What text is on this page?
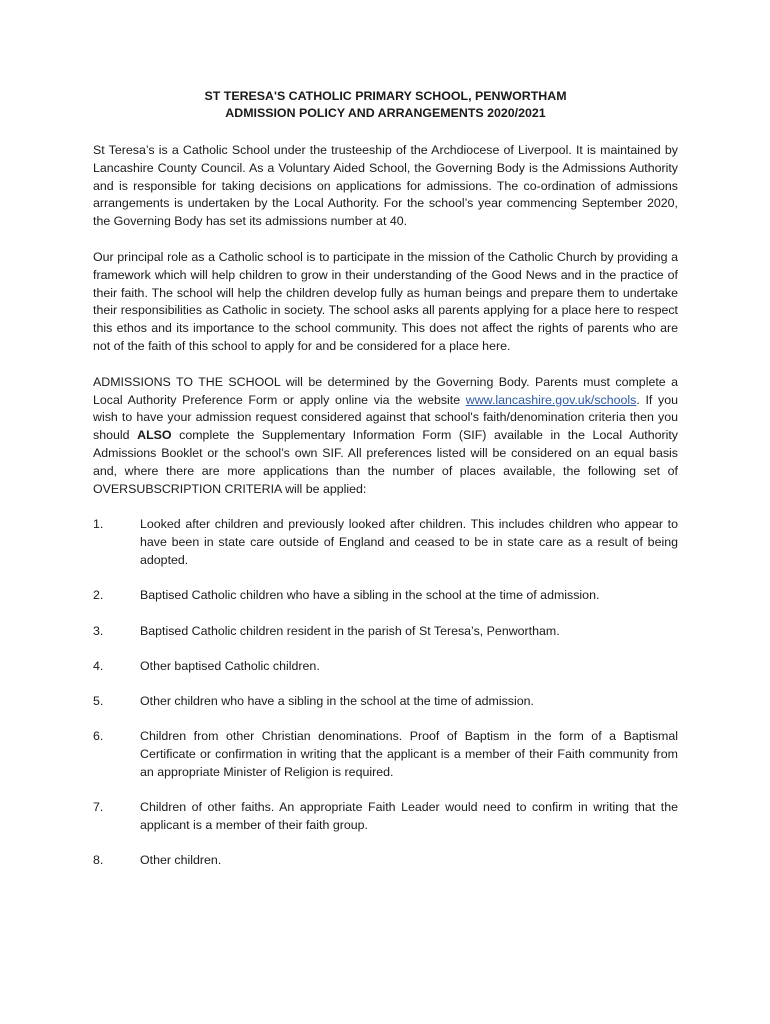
ST TERESA'S CATHOLIC PRIMARY SCHOOL, PENWORTHAM
ADMISSION POLICY AND ARRANGEMENTS 2020/2021

St Teresa’s is a Catholic School under the trusteeship of the Archdiocese of Liverpool. It is maintained by Lancashire County Council. As a Voluntary Aided School, the Governing Body is the Admissions Authority and is responsible for taking decisions on applications for admissions. The co-ordination of admissions arrangements is undertaken by the Local Authority. For the school’s year commencing September 2020, the Governing Body has set its admissions number at 40.

Our principal role as a Catholic school is to participate in the mission of the Catholic Church by providing a framework which will help children to grow in their understanding of the Good News and in the practice of their faith. The school will help the children develop fully as human beings and prepare them to undertake their responsibilities as Catholic in society. The school asks all parents applying for a place here to respect this ethos and its importance to the school community. This does not affect the rights of parents who are not of the faith of this school to apply for and be considered for a place here.

ADMISSIONS TO THE SCHOOL will be determined by the Governing Body. Parents must complete a Local Authority Preference Form or apply online via the website www.lancashire.gov.uk/schools. If you wish to have your admission request considered against that school's faith/denomination criteria then you should ALSO complete the Supplementary Information Form (SIF) available in the Local Authority Admissions Booklet or the school’s own SIF. All preferences listed will be considered on an equal basis and, where there are more applications than the number of places available, the following set of OVERSUBSCRIPTION CRITERIA will be applied:

1.	Looked after children and previously looked after children. This includes children who appear to have been in state care outside of England and ceased to be in state care as a result of being adopted.
2.	Baptised Catholic children who have a sibling in the school at the time of admission.
3.	Baptised Catholic children resident in the parish of St Teresa’s, Penwortham.
4.	Other baptised Catholic children.
5.	Other children who have a sibling in the school at the time of admission.
6.	Children from other Christian denominations. Proof of Baptism in the form of a Baptismal Certificate or confirmation in writing that the applicant is a member of their Faith community from an appropriate Minister of Religion is required.
7.	Children of other faiths. An appropriate Faith Leader would need to confirm in writing that the applicant is a member of their faith group.
8.	Other children.
